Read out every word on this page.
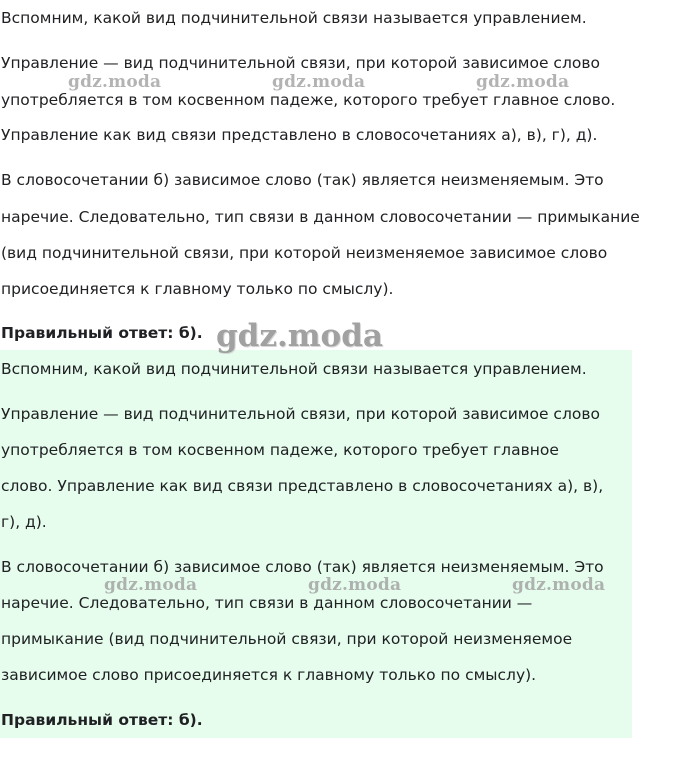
Вспомним, какой вид подчинительной связи называется управлением.
Управление — вид подчинительной связи, при которой зависимое слово
употребляется в том косвенном падеже, которого требует главное слово.
Управление как вид связи представлено в словосочетаниях а), в), г), д).
В словосочетании б) зависимое слово (так) является неизменяемым. Это
наречие. Следовательно, тип связи в данном словосочетании — примыкание
(вид подчинительной связи, при которой неизменяемое зависимое слово
присоединяется к главному только по смыслу).
Правильный ответ: б).
Вспомним, какой вид подчинительной связи называется управлением.
Управление — вид подчинительной связи, при которой зависимое слово
употребляется в том косвенном падеже, которого требует главное
слово. Управление как вид связи представлено в словосочетаниях а), в),
г), д).
В словосочетании б) зависимое слово (так) является неизменяемым. Это
наречие. Следовательно, тип связи в данном словосочетании —
примыкание (вид подчинительной связи, при которой неизменяемое
зависимое слово присоединяется к главному только по смыслу).
Правильный ответ: б).
gdz.moda	gdz.moda	gdz.moda
gdz.moda
gdz.moda	gdz.moda	gdz.moda
